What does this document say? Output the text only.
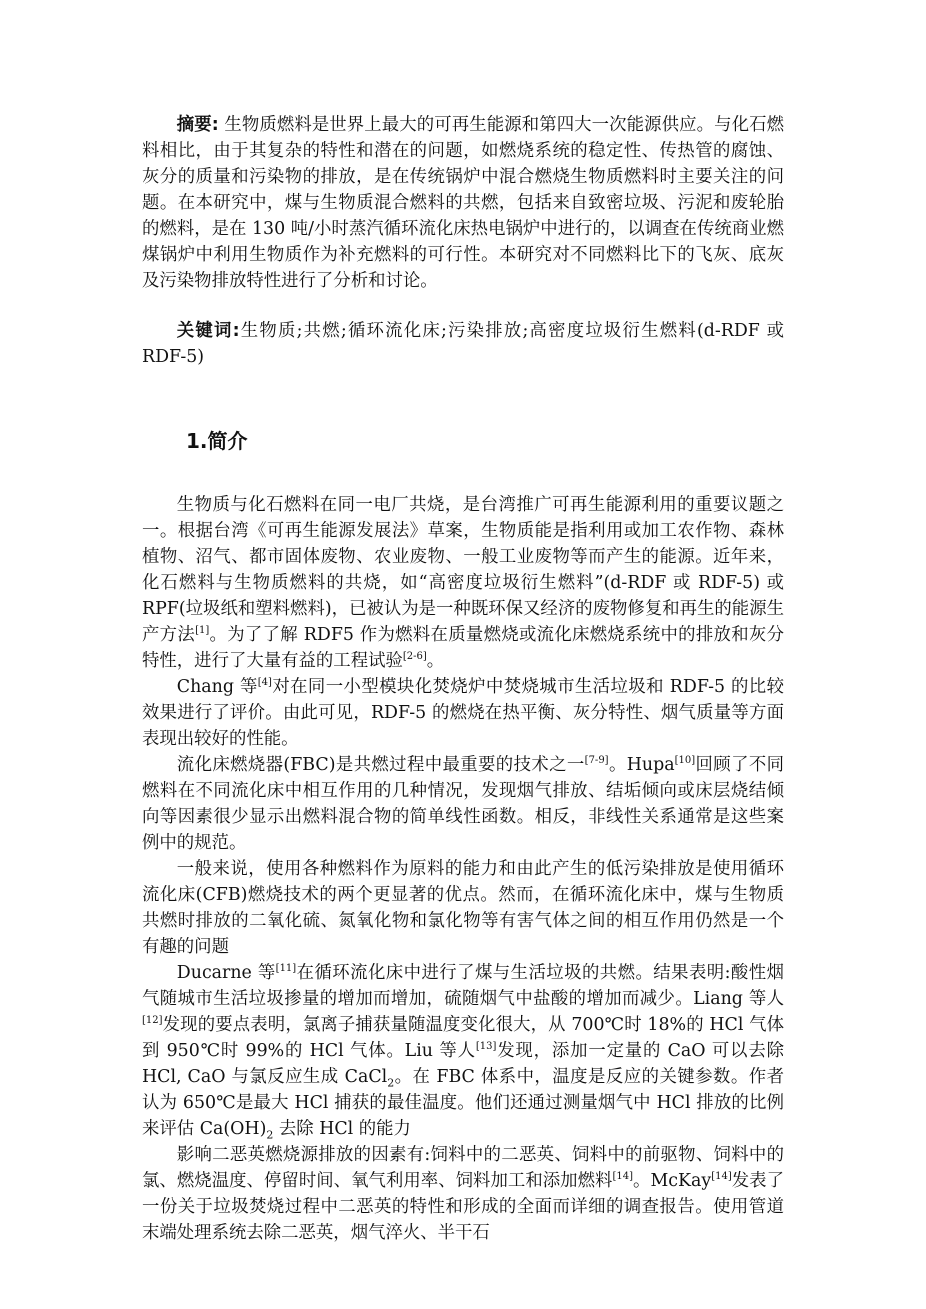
摘要: 生物质燃料是世界上最大的可再生能源和第四大一次能源供应。与化石燃料相比，由于其复杂的特性和潜在的问题，如燃烧系统的稳定性、传热管的腐蚀、灰分的质量和污染物的排放，是在传统锅炉中混合燃烧生物质燃料时主要关注的问题。在本研究中，煤与生物质混合燃料的共燃，包括来自致密垃圾、污泥和废轮胎的燃料，是在 130 吨/小时蒸汽循环流化床热电锅炉中进行的，以调查在传统商业燃煤锅炉中利用生物质作为补充燃料的可行性。本研究对不同燃料比下的飞灰、底灰及污染物排放特性进行了分析和讨论。

关键词:生物质;共燃;循环流化床;污染排放;高密度垃圾衍生燃料(d-RDF 或 RDF-5)

1.简介

生物质与化石燃料在同一电厂共烧，是台湾推广可再生能源利用的重要议题之一。根据台湾《可再生能源发展法》草案，生物质能是指利用或加工农作物、森林植物、沼气、都市固体废物、农业废物、一般工业废物等而产生的能源。近年来，化石燃料与生物质燃料的共烧，如“高密度垃圾衍生燃料”(d-RDF 或 RDF-5) 或 RPF(垃圾纸和塑料燃料)，已被认为是一种既环保又经济的废物修复和再生的能源生产方法[1]。为了了解 RDF5 作为燃料在质量燃烧或流化床燃烧系统中的排放和灰分特性，进行了大量有益的工程试验[2-6]。

Chang 等[4]对在同一小型模块化焚烧炉中焚烧城市生活垃圾和 RDF-5 的比较效果进行了评价。由此可见，RDF-5 的燃烧在热平衡、灰分特性、烟气质量等方面表现出较好的性能。

流化床燃烧器(FBC)是共燃过程中最重要的技术之一[7-9]。Hupa[10]回顾了不同燃料在不同流化床中相互作用的几种情况，发现烟气排放、结垢倾向或床层烧结倾向等因素很少显示出燃料混合物的简单线性函数。相反，非线性关系通常是这些案例中的规范。

一般来说，使用各种燃料作为原料的能力和由此产生的低污染排放是使用循环流化床(CFB)燃烧技术的两个更显著的优点。然而，在循环流化床中，煤与生物质共燃时排放的二氧化硫、氮氧化物和氯化物等有害气体之间的相互作用仍然是一个有趣的问题

Ducarne 等[11]在循环流化床中进行了煤与生活垃圾的共燃。结果表明:酸性烟气随城市生活垃圾掺量的增加而增加，硫随烟气中盐酸的增加而减少。Liang 等人[12]发现的要点表明，氯离子捕获量随温度变化很大，从 700℃时 18%的 HCl 气体到 950℃时 99%的 HCl 气体。Liu 等人[13]发现，添加一定量的 CaO 可以去除 HCl, CaO 与氯反应生成 CaCl$_2$。在 FBC 体系中，温度是反应的关键参数。作者认为 650℃是最大 HCl 捕获的最佳温度。他们还通过测量烟气中 HCl 排放的比例来评估 $Ca(OH)_2$ 去除 HCl 的能力

影响二恶英燃烧源排放的因素有:饲料中的二恶英、饲料中的前驱物、饲料中的氯、燃烧温度、停留时间、氧气利用率、饲料加工和添加燃料[14]。McKay[14]发表了一份关于垃圾焚烧过程中二恶英的特性和形成的全面而详细的调查报告。使用管道末端处理系统去除二恶英，烟气淬火、半干石
